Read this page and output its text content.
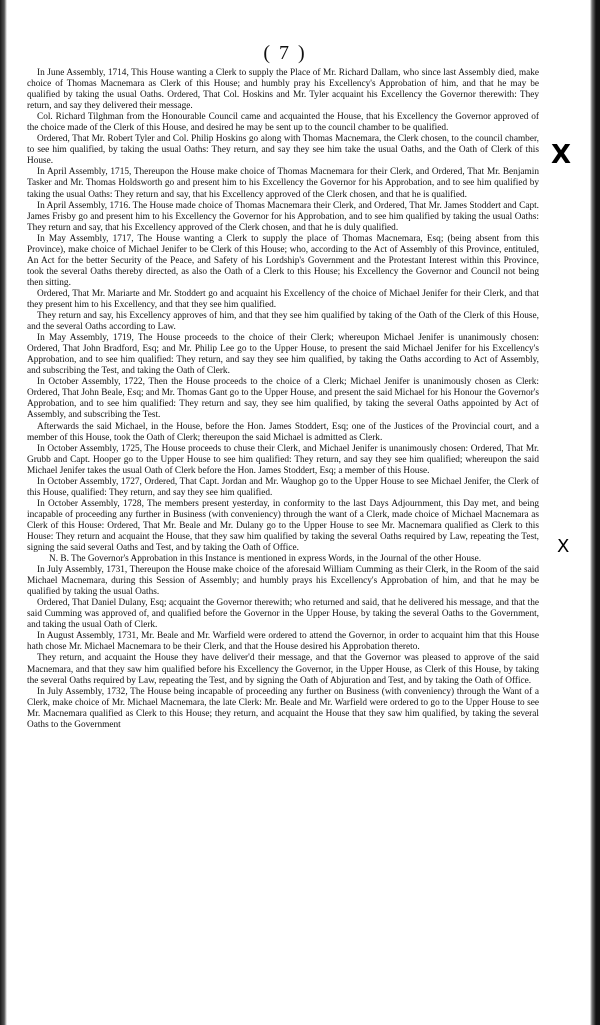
( 7 )
X
X

In June Assembly, 1714, This House wanting a Clerk to supply the Place of Mr. Richard Dallam, who since last Assembly died, make choice of Thomas Macnemara as Clerk of this House; and humbly pray his Excellency's Approbation of him, and that he may be qualified by taking the usual Oaths. Ordered, That Col. Hoskins and Mr. Tyler acquaint his Excellency the Governor therewith: They return, and say they delivered their message.

Col. Richard Tilghman from the Honourable Council came and acquainted the House, that his Excellency the Governor approved of the choice made of the Clerk of this House, and desired he may be sent up to the council chamber to be qualified.

Ordered, That Mr. Robert Tyler and Col. Philip Hoskins go along with Thomas Macnemara, the Clerk chosen, to the council chamber, to see him qualified, by taking the usual Oaths: They return, and say they see him take the usual Oaths, and the Oath of Clerk of this House.

In April Assembly, 1715, Thereupon the House make choice of Thomas Macnemara for their Clerk, and Ordered, That Mr. Benjamin Tasker and Mr. Thomas Holdsworth go and present him to his Excellency the Governor for his Approbation, and to see him qualified by taking the usual Oaths: They return and say, that his Excellency approved of the Clerk chosen, and that he is qualified.

In April Assembly, 1716. The House made choice of Thomas Macnemara their Clerk, and Ordered, That Mr. James Stoddert and Capt. James Frisby go and present him to his Excellency the Governor for his Approbation, and to see him qualified by taking the usual Oaths: They return and say, that his Excellency approved of the Clerk chosen, and that he is duly qualified.

In May Assembly, 1717, The House wanting a Clerk to supply the place of Thomas Macnemara, Esq; (being absent from this Province), make choice of Michael Jenifer to be Clerk of this House; who, according to the Act of Assembly of this Province, entituled, An Act for the better Security of the Peace, and Safety of his Lordship's Government and the Protestant Interest within this Province, took the several Oaths thereby directed, as also the Oath of a Clerk to this House; his Excellency the Governor and Council not being then sitting.

Ordered, That Mr. Mariarte and Mr. Stoddert go and acquaint his Excellency of the choice of Michael Jenifer for their Clerk, and that they present him to his Excellency, and that they see him qualified.

They return and say, his Excellency approves of him, and that they see him qualified by taking of the Oath of the Clerk of this House, and the several Oaths according to Law.

In May Assembly, 1719, The House proceeds to the choice of their Clerk; whereupon Michael Jenifer is unanimously chosen: Ordered, That John Bradford, Esq; and Mr. Philip Lee go to the Upper House, to present the said Michael Jenifer for his Excellency's Approbation, and to see him qualified: They return, and say they see him qualified, by taking the Oaths according to Act of Assembly, and subscribing the Test, and taking the Oath of Clerk.

In October Assembly, 1722, Then the House proceeds to the choice of a Clerk; Michael Jenifer is unanimously chosen as Clerk: Ordered, That John Beale, Esq; and Mr. Thomas Gant go to the Upper House, and present the said Michael for his Honour the Governor's Approbation, and to see him qualified: They return and say, they see him qualified, by taking the several Oaths appointed by Act of Assembly, and subscribing the Test.

Afterwards the said Michael, in the House, before the Hon. James Stoddert, Esq; one of the Justices of the Provincial court, and a member of this House, took the Oath of Clerk; thereupon the said Michael is admitted as Clerk.

In October Assembly, 1725, The House proceeds to chuse their Clerk, and Michael Jenifer is unanimously chosen: Ordered, That Mr. Grubb and Capt. Hooper go to the Upper House to see him qualified: They return, and say they see him qualified; whereupon the said Michael Jenifer takes the usual Oath of Clerk before the Hon. James Stoddert, Esq; a member of this House.

In October Assembly, 1727, Ordered, That Capt. Jordan and Mr. Waughop go to the Upper House to see Michael Jenifer, the Clerk of this House, qualified: They return, and say they see him qualified.

In October Assembly, 1728, The members present yesterday, in conformity to the last Days Adjournment, this Day met, and being incapable of proceeding any further in Business (with conveniency) through the want of a Clerk, made choice of Michael Macnemara as Clerk of this House: Ordered, That Mr. Beale and Mr. Dulany go to the Upper House to see Mr. Macnemara qualified as Clerk to this House: They return and acquaint the House, that they saw him qualified by taking the several Oaths required by Law, repeating the Test, signing the said several Oaths and Test, and by taking the Oath of Office.

N. B. The Governor's Approbation in this Instance is mentioned in express Words, in the Journal of the other House.

In July Assembly, 1731, Thereupon the House make choice of the aforesaid William Cumming as their Clerk, in the Room of the said Michael Macnemara, during this Session of Assembly; and humbly prays his Excellency's Approbation of him, and that he may be qualified by taking the usual Oaths.

Ordered, That Daniel Dulany, Esq; acquaint the Governor therewith; who returned and said, that he delivered his message, and that the said Cumming was approved of, and qualified before the Governor in the Upper House, by taking the several Oaths to the Government, and taking the usual Oath of Clerk.

In August Assembly, 1731, Mr. Beale and Mr. Warfield were ordered to attend the Governor, in order to acquaint him that this House hath chose Mr. Michael Macnemara to be their Clerk, and that the House desired his Approbation thereto.

They return, and acquaint the House they have deliver'd their message, and that the Governor was pleased to approve of the said Macnemara, and that they saw him qualified before his Excellency the Governor, in the Upper House, as Clerk of this House, by taking the several Oaths required by Law, repeating the Test, and by signing the Oath of Abjuration and Test, and by taking the Oath of Office.

In July Assembly, 1732, The House being incapable of proceeding any further on Business (with conveniency) through the Want of a Clerk, make choice of Mr. Michael Macnemara, the late Clerk: Mr. Beale and Mr. Warfield were ordered to go to the Upper House to see Mr. Macnemara qualified as Clerk to this House; they return, and acquaint the House that they saw him qualified, by taking the several Oaths to the Government
